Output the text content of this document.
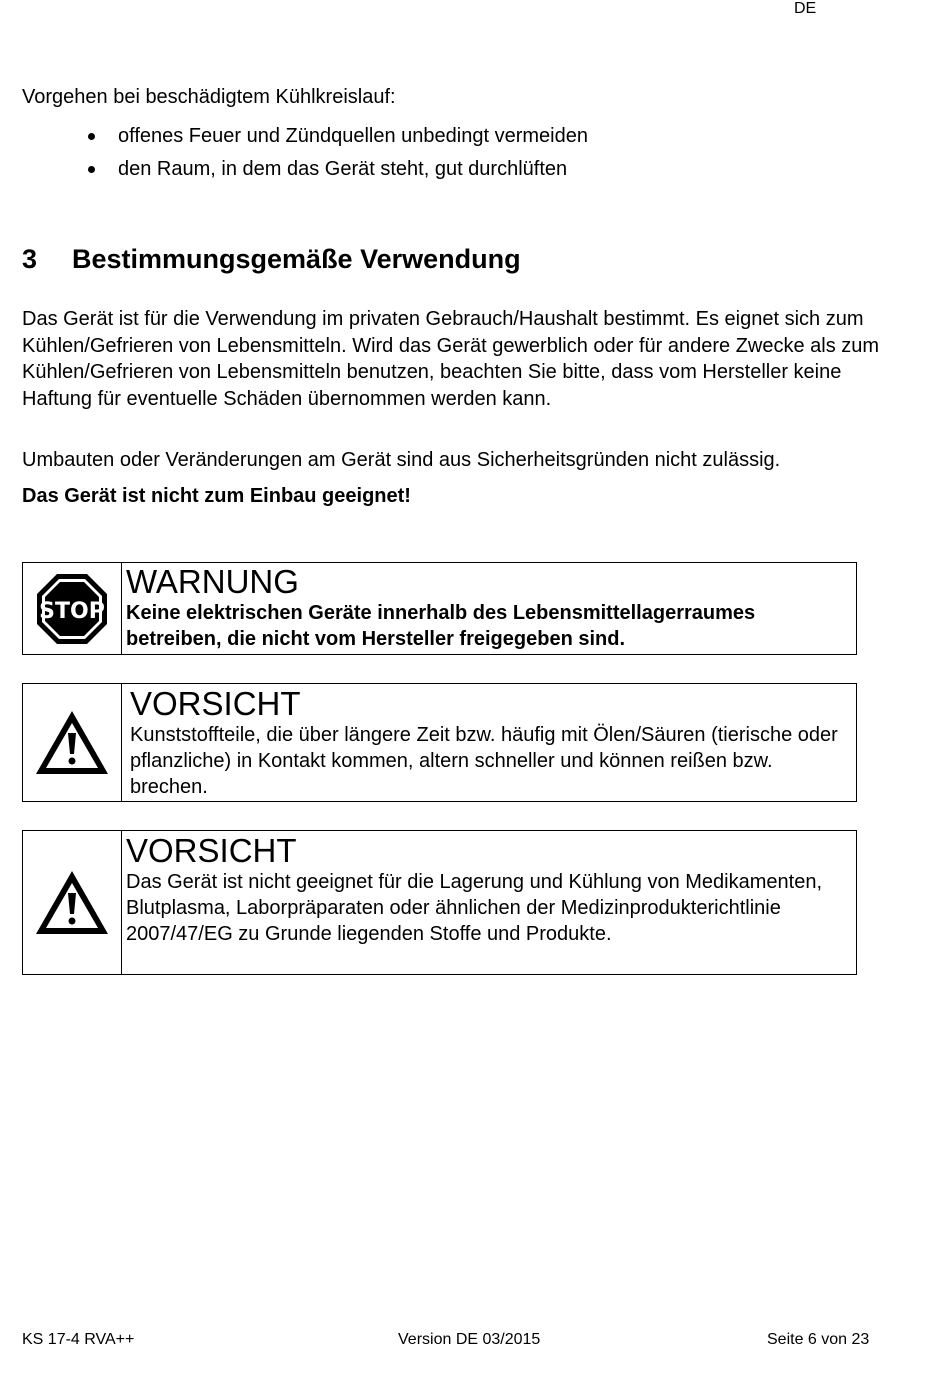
DE
Vorgehen bei beschädigtem Kühlkreislauf:
offenes Feuer und Zündquellen unbedingt vermeiden
den Raum, in dem das Gerät steht, gut durchlüften
3	Bestimmungsgemäße Verwendung

Das Gerät ist für die Verwendung im privaten Gebrauch/Haushalt bestimmt. Es eignet sich zum Kühlen/Gefrieren von Lebensmitteln. Wird das Gerät gewerblich oder für andere Zwecke als zum Kühlen/Gefrieren von Lebensmitteln benutzen, beachten Sie bitte, dass vom Hersteller keine Haftung für eventuelle Schäden übernommen werden kann.

Umbauten oder Veränderungen am Gerät sind aus Sicherheitsgründen nicht zulässig.

Das Gerät ist nicht zum Einbau geeignet!

STOP
WARNUNG
Keine elektrischen Geräte innerhalb des Lebensmittellagerraumes betreiben, die nicht vom Hersteller freigegeben sind.
VORSICHT
Kunststoffteile, die über längere Zeit bzw. häufig mit Ölen/Säuren (tierische oder pflanzliche) in Kontakt kommen, altern schneller und können reißen bzw. brechen.
VORSICHT
Das Gerät ist nicht geeignet für die Lagerung und Kühlung von Medikamenten, Blutplasma, Laborpräparaten oder ähnlichen der Medizinprodukterichtlinie 2007/47/EG zu Grunde liegenden Stoffe und Produkte.
KS 17-4 RVA++	Version DE 03/2015	Seite 6 von 23
